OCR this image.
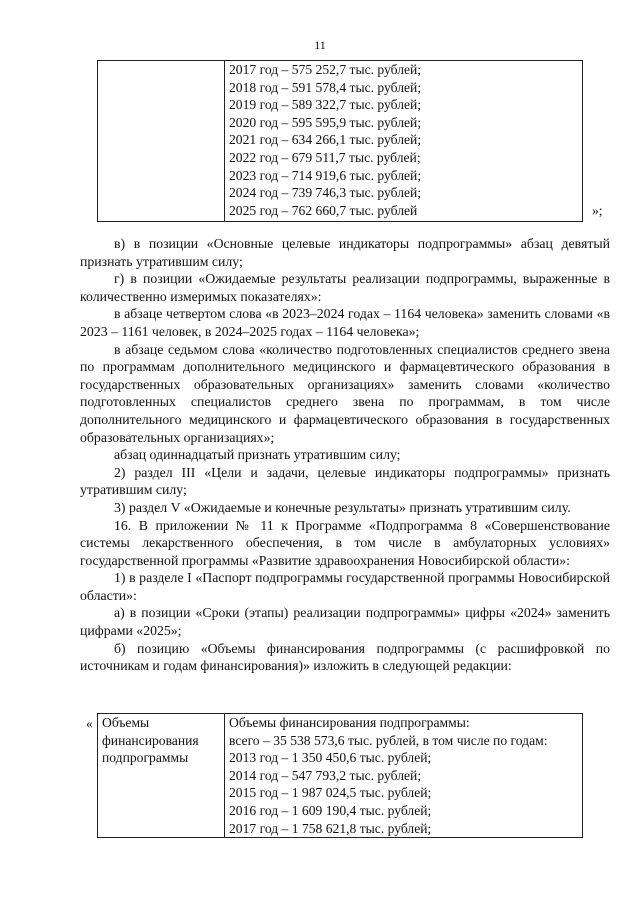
11

2017 год – 575 252,7 тыс. рублей;
2018 год – 591 578,4 тыс. рублей;
2019 год – 589 322,7 тыс. рублей;
2020 год – 595 595,9 тыс. рублей;
2021 год – 634 266,1 тыс. рублей;
2022 год – 679 511,7 тыс. рублей;
2023 год – 714 919,6 тыс. рублей;
2024 год – 739 746,3 тыс. рублей;
2025 год – 762 660,7 тыс. рублей	»;

в) в позиции «Основные целевые индикаторы подпрограммы» абзац девятый признать утратившим силу;

г) в позиции «Ожидаемые результаты реализации подпрограммы, выраженные в количественно измеримых показателях»:

в абзаце четвертом слова «в 2023–2024 годах – 1164 человека» заменить словами «в 2023 – 1161 человек, в 2024–2025 годах – 1164 человека»;

в абзаце седьмом слова «количество подготовленных специалистов среднего звена по программам дополнительного медицинского и фармацевтического образования в государственных образовательных организациях» заменить словами «количество подготовленных специалистов среднего звена по программам, в том числе дополнительного медицинского и фармацевтического образования в государственных образовательных организациях»;

абзац одиннадцатый признать утратившим силу;

2) раздел III «Цели и задачи, целевые индикаторы подпрограммы» признать утратившим силу;

3) раздел V «Ожидаемые и конечные результаты» признать утратившим силу.

16. В приложении № 11 к Программе «Подпрограмма 8 «Совершенствование системы лекарственного обеспечения, в том числе в амбулаторных условиях» государственной программы «Развитие здравоохранения Новосибирской области»:

1) в разделе I «Паспорт подпрограммы государственной программы Новосибирской области»:

а) в позиции «Сроки (этапы) реализации подпрограммы» цифры «2024» заменить цифрами «2025»;

б) позицию «Объемы финансирования подпрограммы (с расшифровкой по источникам и годам финансирования)» изложить в следующей редакции:

« Объемы
финансирования
подпрограммы

Объемы финансирования подпрограммы:
всего – 35 538 573,6 тыс. рублей, в том числе по годам:
2013 год – 1 350 450,6 тыс. рублей;
2014 год – 547 793,2 тыс. рублей;
2015 год – 1 987 024,5 тыс. рублей;
2016 год – 1 609 190,4 тыс. рублей;
2017 год – 1 758 621,8 тыс. рублей;
